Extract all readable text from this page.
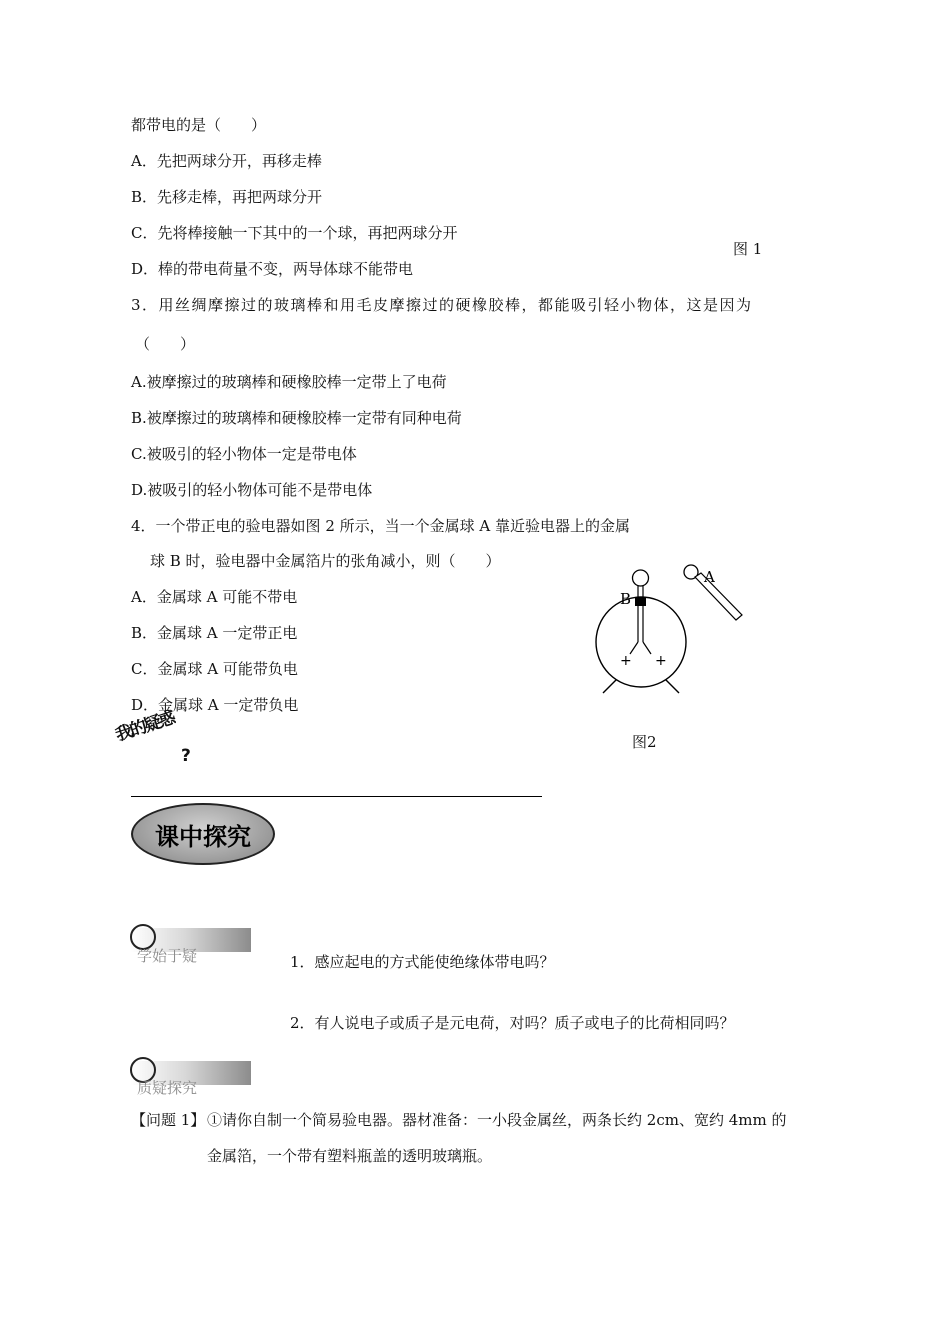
都带电的是（　　）
A．先把两球分开，再移走棒
B．先移走棒，再把两球分开
C．先将棒接触一下其中的一个球，再把两球分开
D．棒的带电荷量不变，两导体球不能带电
图 1
3．用丝绸摩擦过的玻璃棒和用毛皮摩擦过的硬橡胶棒，都能吸引轻小物体，这是因为
（　　）
A.被摩擦过的玻璃棒和硬橡胶棒一定带上了电荷
B.被摩擦过的玻璃棒和硬橡胶棒一定带有同种电荷
C.被吸引的轻小物体一定是带电体
D.被吸引的轻小物体可能不是带电体
4．一个带正电的验电器如图 2 所示，当一个金属球 A 靠近验电器上的金属
球 B 时，验电器中金属箔片的张角减小，则（　　）
A．金属球 A 可能不带电
B．金属球 A 一定带正电
C．金属球 A 可能带负电
D．金属球 A 一定带负电
+ +
B
A
图2
我的疑惑
?
课中探究
学始于疑	1．感应起电的方式能使绝缘体带电吗？
2．有人说电子或质子是元电荷，对吗？质子或电子的比荷相同吗？
质疑探究
【问题 1】 ①请你自制一个简易验电器。器材准备：一小段金属丝，两条长约 2cm、宽约 4mm 的
金属箔，一个带有塑料瓶盖的透明玻璃瓶。
